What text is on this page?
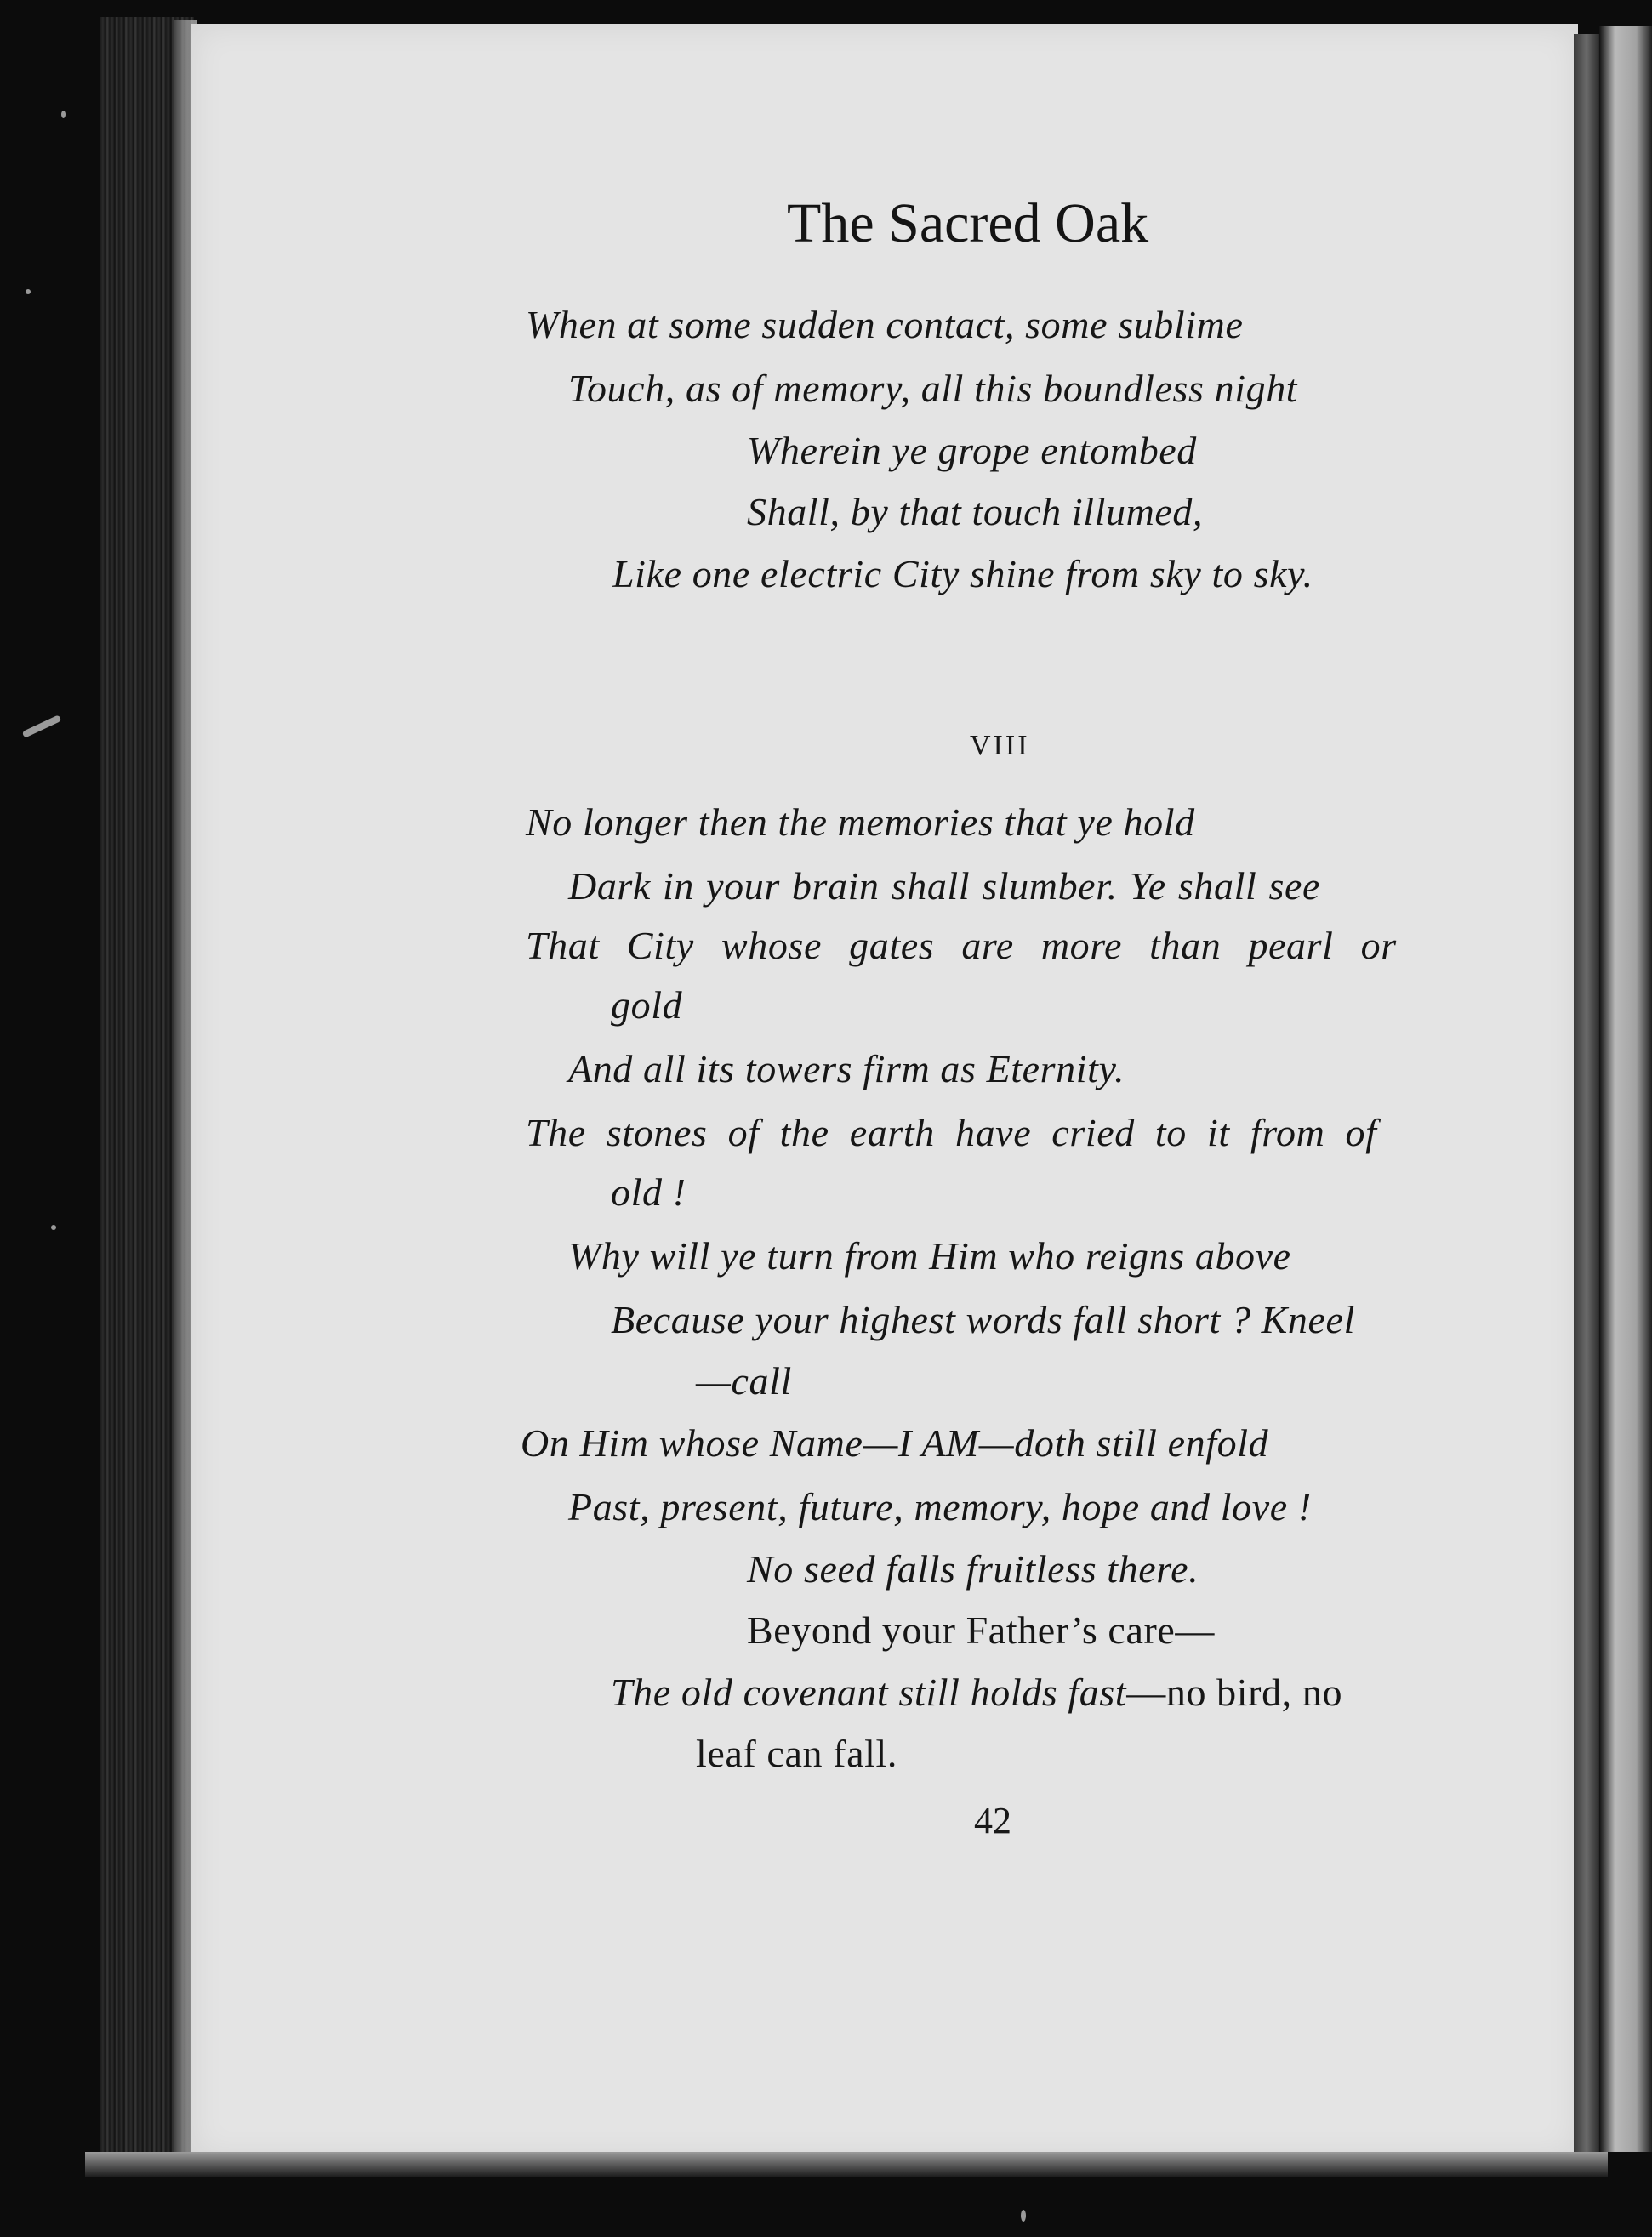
The Sacred Oak
When at some sudden contact, some sublime
Touch, as of memory, all this boundless night
Wherein ye grope entombed
Shall, by that touch illumed,
Like one electric City shine from sky to sky.
VIII
No longer then the memories that ye hold
Dark in your brain shall slumber. Ye shall see
That City whose gates are more than pearl or
gold
And all its towers firm as Eternity.
The stones of the earth have cried to it from of
old !
Why will ye turn from Him who reigns above
Because your highest words fall short ? Kneel
—call
On Him whose Name—I AM—doth still enfold
Past, present, future, memory, hope and love !
No seed falls fruitless there.
Beyond your Father’s care—
The old covenant still holds fast—no bird, no
leaf can fall.
42
